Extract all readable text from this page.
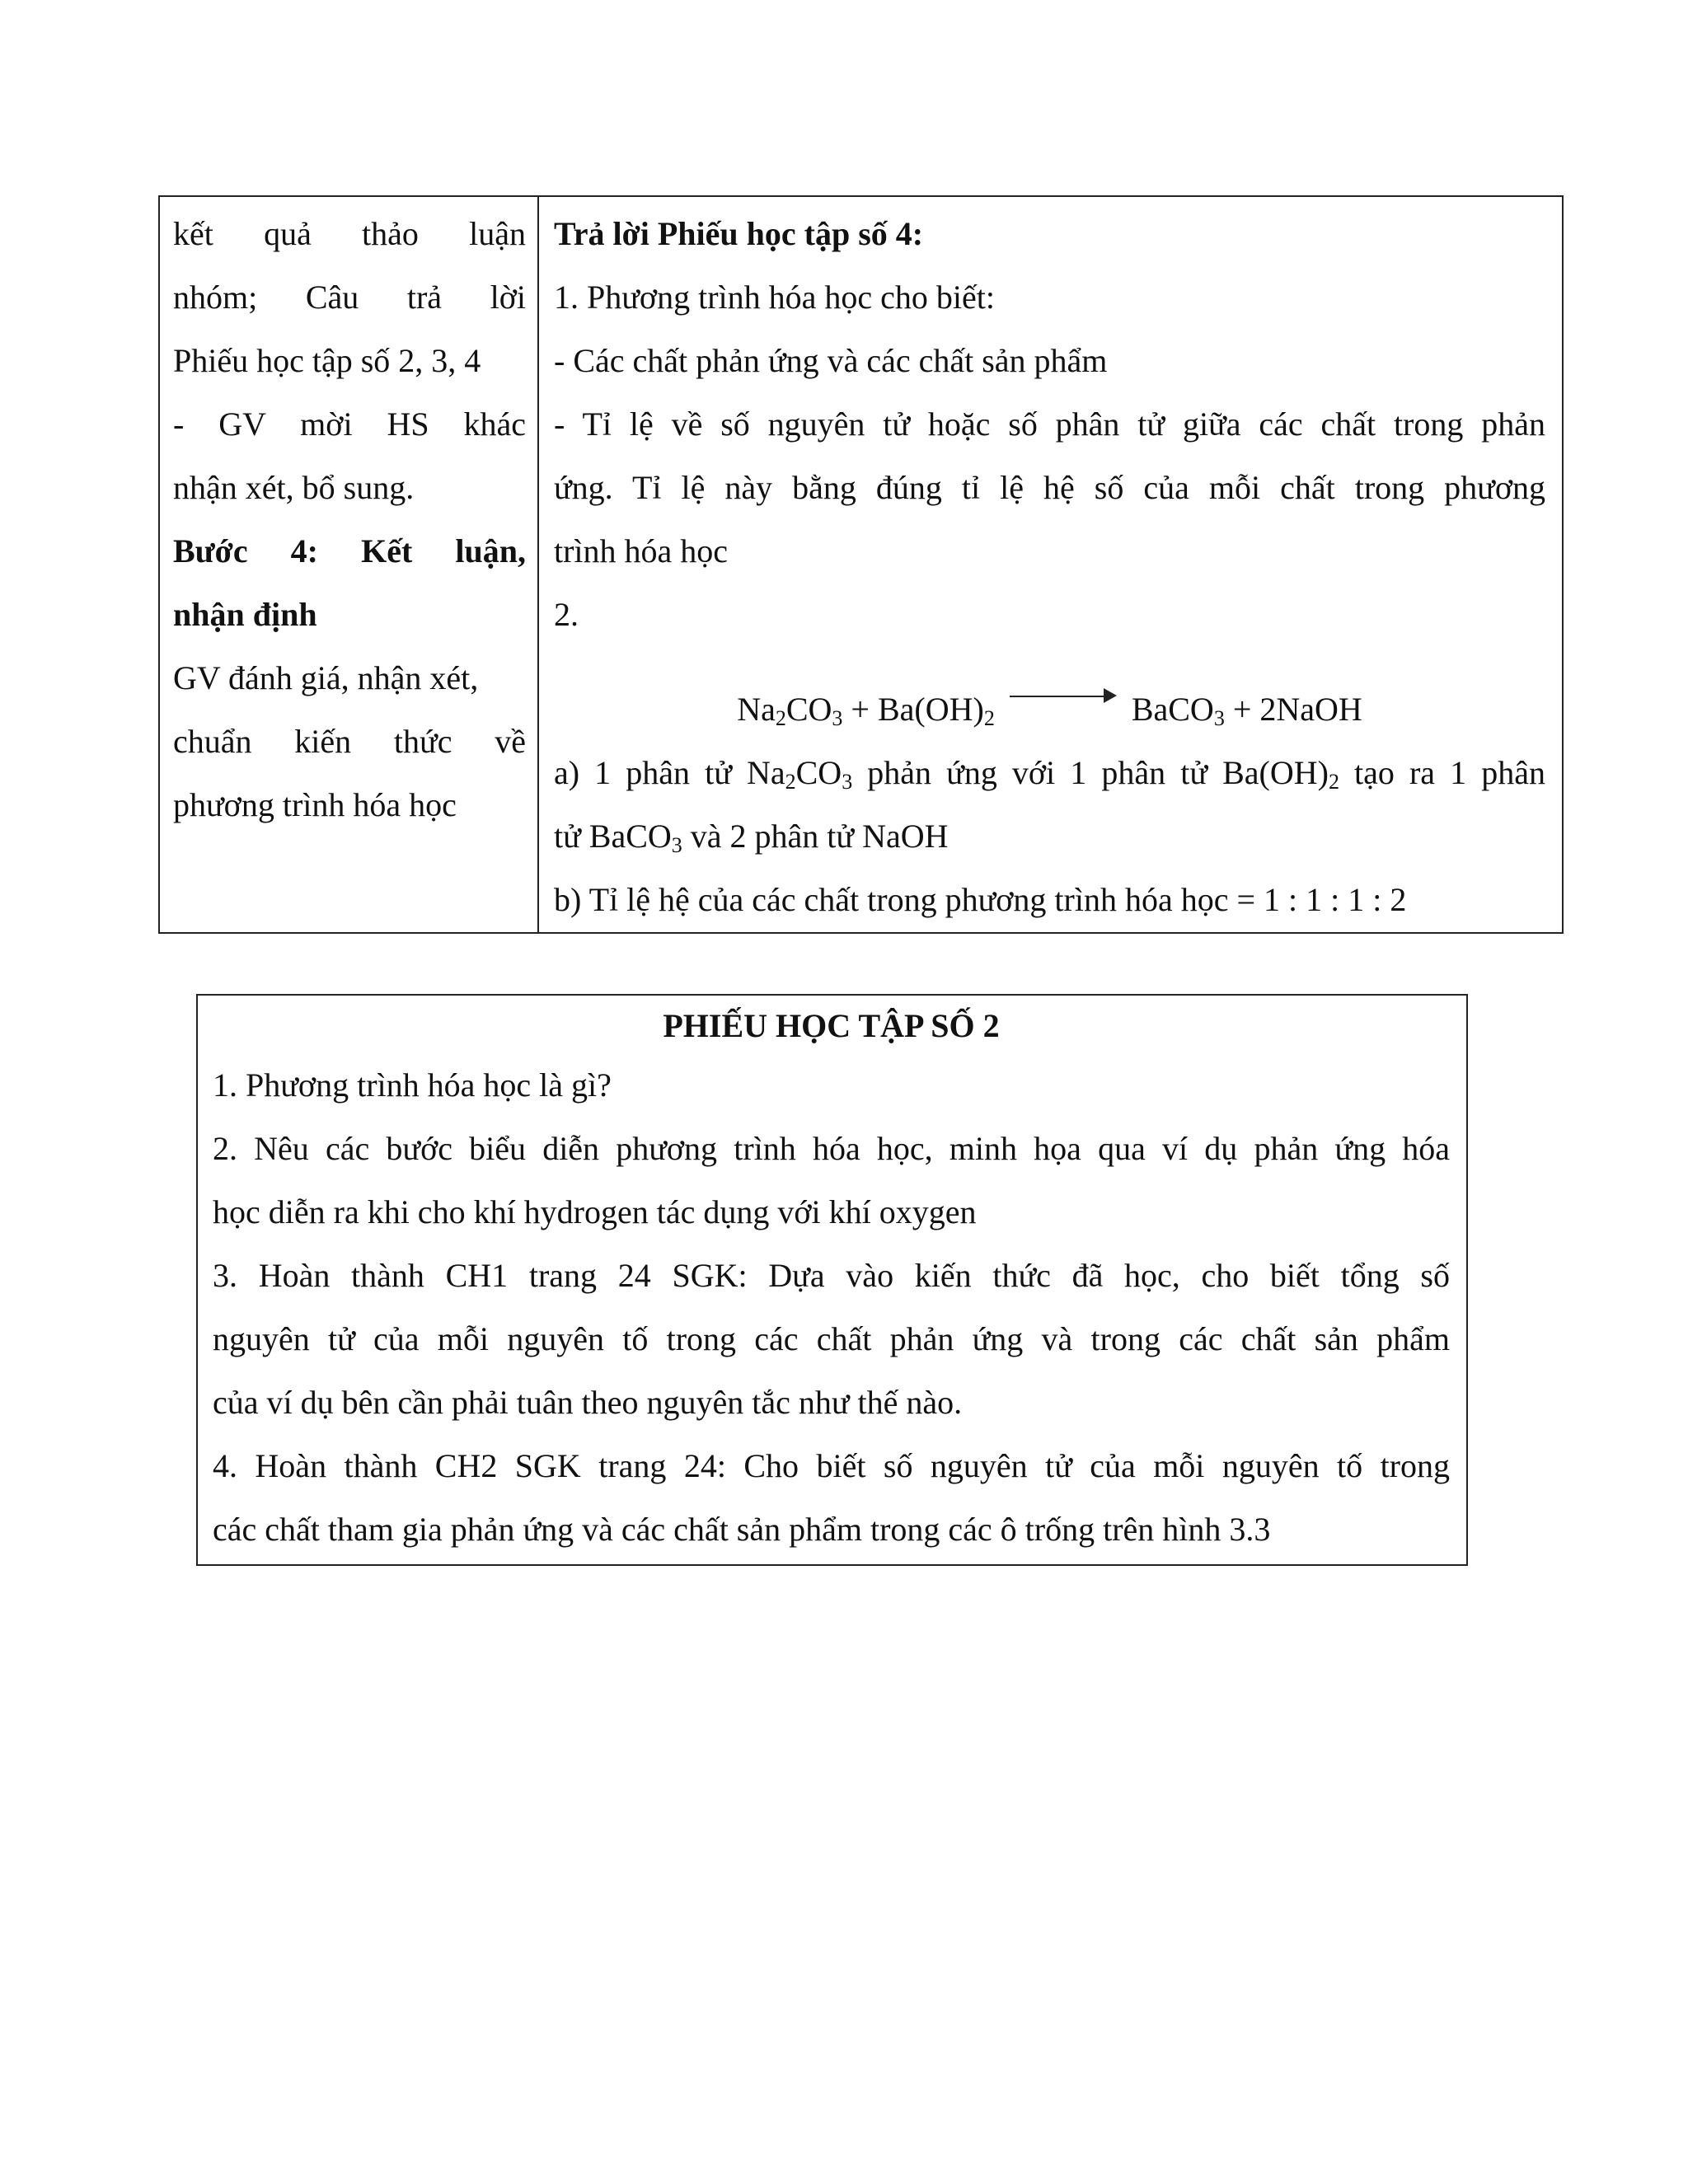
kết quả thảo luận
nhóm; Câu trả lời
Phiếu học tập số 2, 3, 4
- GV mời HS khác
nhận xét, bổ sung.
Bước 4: Kết luận,
nhận định
GV đánh giá, nhận xét,
chuẩn kiến thức về
phương trình hóa học
Trả lời Phiếu học tập số 4:
1. Phương trình hóa học cho biết:
- Các chất phản ứng và các chất sản phẩm
- Tỉ lệ về số nguyên tử hoặc số phân tử giữa các chất trong phản
ứng. Tỉ lệ này bằng đúng tỉ lệ hệ số của mỗi chất trong phương
trình hóa học
2.
$Na_2CO_3 + Ba(OH)_2$	BaCO$_3$ + 2NaOH
a) 1 phân tử $Na_2CO_3$ phản ứng với 1 phân tử $Ba(OH)_2$ tạo ra 1 phân
tử BaCO$_3$ và 2 phân tử NaOH
b) Tỉ lệ hệ của các chất trong phương trình hóa học = 1 : 1 : 1 : 2
PHIẾU HỌC TẬP SỐ 2
1. Phương trình hóa học là gì?
2. Nêu các bước biểu diễn phương trình hóa học, minh họa qua ví dụ phản ứng hóa
học diễn ra khi cho khí hydrogen tác dụng với khí oxygen
3. Hoàn thành CH1 trang 24 SGK: Dựa vào kiến thức đã học, cho biết tổng số
nguyên tử của mỗi nguyên tố trong các chất phản ứng và trong các chất sản phẩm
của ví dụ bên cần phải tuân theo nguyên tắc như thế nào.
4. Hoàn thành CH2 SGK trang 24: Cho biết số nguyên tử của mỗi nguyên tố trong
các chất tham gia phản ứng và các chất sản phẩm trong các ô trống trên hình 3.3
